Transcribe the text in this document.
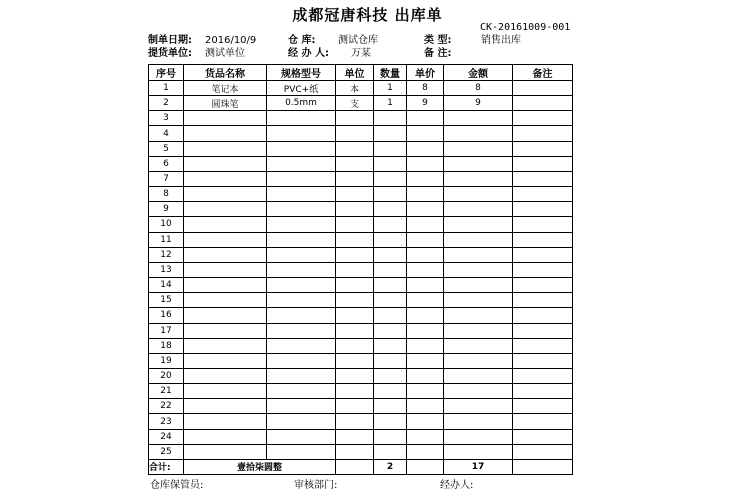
成都冠唐科技 出库单
CK-20161009-001
制单日期: 2016/10/9	仓 库: 测试仓库	类 型:	销售出库
提货单位: 测试单位	经 办 人: 万某	备 注:
序号	货品名称	规格型号	单位	数量	单价	金额	备注
1	笔记本	PVC+纸	本	1	8	8	
2	圆珠笔	0.5mm	支	1	9	9	
3							
4							
5							
6							
7							
8							
9							
10							
11							
12							
13							
14							
15							
16							
17							
18							
19							
20							
21							
22							
23							
24							
25							
合计:	壹拾柒圆整			2		17	
仓库保管员:	审核部门:	经办人:
